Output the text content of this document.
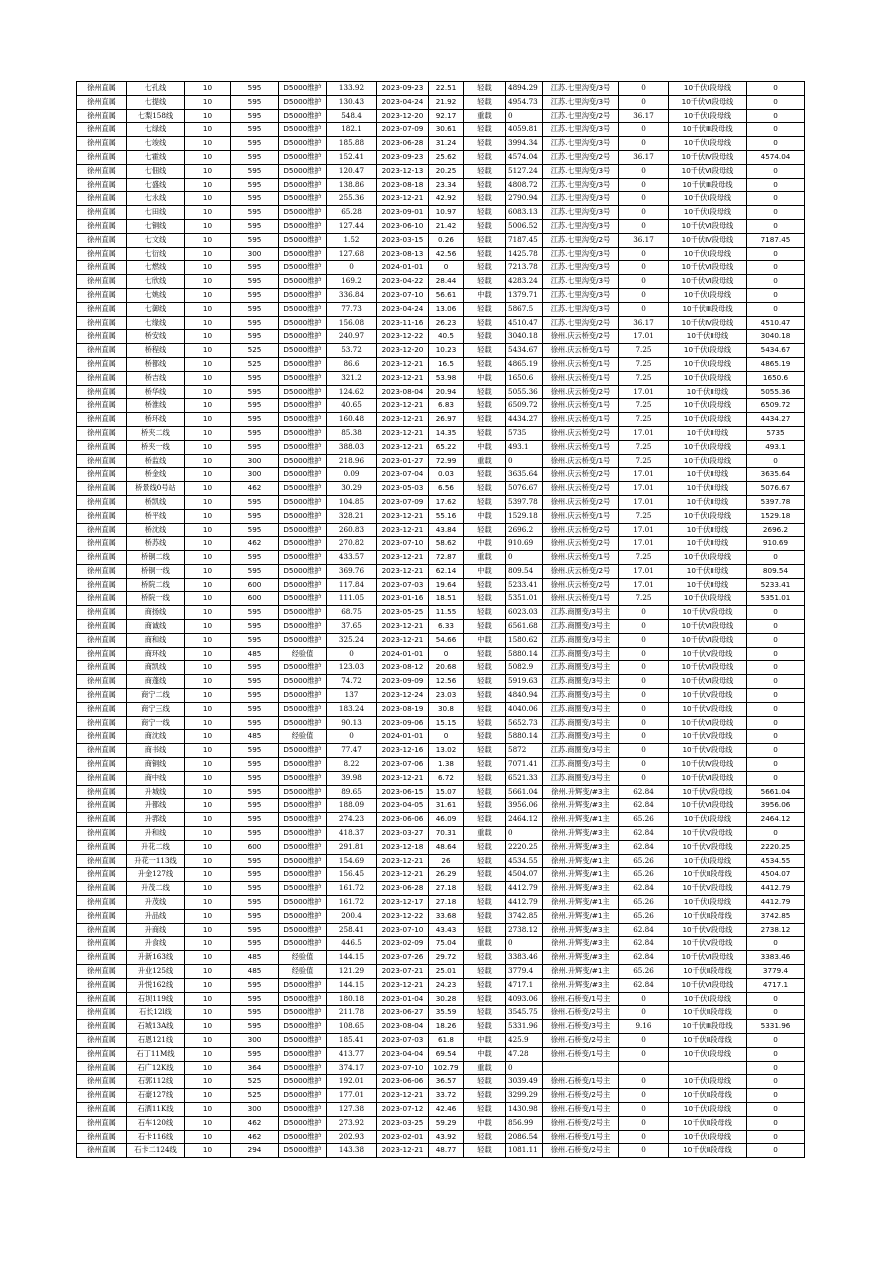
徐州直属	七孔线	10	595	D5000维护	133.92	2023-09-23	22.51	轻载	4894.29	江苏.七里沟变/3号	0	10千伏Ⅰ段母线	0
徐州直属	七提线	10	595	D5000维护	130.43	2023-04-24	21.92	轻载	4954.73	江苏.七里沟变/3号	0	10千伏Ⅵ段母线	0
徐州直属	七梨158线	10	595	D5000维护	548.4	2023-12-20	92.17	重载	0	江苏.七里沟变/2号	36.17	10千伏Ⅰ段母线	0
徐州直属	七绿线	10	595	D5000维护	182.1	2023-07-09	30.61	轻载	4059.81	江苏.七里沟变/3号	0	10千伏Ⅲ段母线	0
徐州直属	七竣线	10	595	D5000维护	185.88	2023-06-28	31.24	轻载	3994.34	江苏.七里沟变/3号	0	10千伏Ⅰ段母线	0
徐州直属	七霍线	10	595	D5000维护	152.41	2023-09-23	25.62	轻载	4574.04	江苏.七里沟变/2号	36.17	10千伏Ⅳ段母线	4574.04
徐州直属	七佃线	10	595	D5000维护	120.47	2023-12-13	20.25	轻载	5127.24	江苏.七里沟变/3号	0	10千伏Ⅵ段母线	0
徐州直属	七盛线	10	595	D5000维护	138.86	2023-08-18	23.34	轻载	4808.72	江苏.七里沟变/3号	0	10千伏Ⅲ段母线	0
徐州直属	七永线	10	595	D5000维护	255.36	2023-12-21	42.92	轻载	2790.94	江苏.七里沟变/3号	0	10千伏Ⅰ段母线	0
徐州直属	七田线	10	595	D5000维护	65.28	2023-09-01	10.97	轻载	6083.13	江苏.七里沟变/3号	0	10千伏Ⅰ段母线	0
徐州直属	七铜线	10	595	D5000维护	127.44	2023-06-10	21.42	轻载	5006.52	江苏.七里沟变/3号	0	10千伏Ⅵ段母线	0
徐州直属	七文线	10	595	D5000维护	1.52	2023-03-15	0.26	轻载	7187.45	江苏.七里沟变/2号	36.17	10千伏Ⅳ段母线	7187.45
徐州直属	七衍线	10	300	D5000维护	127.68	2023-08-13	42.56	轻载	1425.78	江苏.七里沟变/3号	0	10千伏Ⅰ段母线	0
徐州直属	七燃线	10	595	D5000维护	0	2024-01-01	0	轻载	7213.78	江苏.七里沟变/3号	0	10千伏Ⅵ段母线	0
徐州直属	七欣线	10	595	D5000维护	169.2	2023-04-22	28.44	轻载	4283.24	江苏.七里沟变/3号	0	10千伏Ⅵ段母线	0
徐州直属	七姚线	10	595	D5000维护	336.84	2023-07-10	56.61	中载	1379.71	江苏.七里沟变/3号	0	10千伏Ⅰ段母线	0
徐州直属	七御线	10	595	D5000维护	77.73	2023-04-24	13.06	轻载	5867.5	江苏.七里沟变/3号	0	10千伏Ⅲ段母线	0
徐州直属	七缘线	10	595	D5000维护	156.08	2023-11-16	26.23	轻载	4510.47	江苏.七里沟变/2号	36.17	10千伏Ⅳ段母线	4510.47
徐州直属	桥安线	10	595	D5000维护	240.97	2023-12-22	40.5	轻载	3040.18	徐州.庆云桥变/2号	17.01	10千伏Ⅱ母线	3040.18
徐州直属	桥程线	10	525	D5000维护	53.72	2023-12-20	10.23	轻载	5434.67	徐州.庆云桥变/1号	7.25	10千伏Ⅰ段母线	5434.67
徐州直属	桥都线	10	525	D5000维护	86.6	2023-12-21	16.5	轻载	4865.19	徐州.庆云桥变/1号	7.25	10千伏Ⅰ段母线	4865.19
徐州直属	桥吉线	10	595	D5000维护	321.2	2023-12-21	53.98	中载	1650.6	徐州.庆云桥变/1号	7.25	10千伏Ⅰ段母线	1650.6
徐州直属	桥华线	10	595	D5000维护	124.62	2023-08-04	20.94	轻载	5055.36	徐州.庆云桥变/2号	17.01	10千伏Ⅱ母线	5055.36
徐州直属	桥淮线	10	595	D5000维护	40.65	2023-12-21	6.83	轻载	6509.72	徐州.庆云桥变/1号	7.25	10千伏Ⅰ段母线	6509.72
徐州直属	桥环线	10	595	D5000维护	160.48	2023-12-21	26.97	轻载	4434.27	徐州.庆云桥变/1号	7.25	10千伏Ⅰ段母线	4434.27
徐州直属	桥夹二线	10	595	D5000维护	85.38	2023-12-21	14.35	轻载	5735	徐州.庆云桥变/2号	17.01	10千伏Ⅱ母线	5735
徐州直属	桥夹一线	10	595	D5000维护	388.03	2023-12-21	65.22	中载	493.1	徐州.庆云桥变/1号	7.25	10千伏Ⅰ段母线	493.1
徐州直属	桥监线	10	300	D5000维护	218.96	2023-01-27	72.99	重载	0	徐州.庆云桥变/1号	7.25	10千伏Ⅰ段母线	0
徐州直属	桥金线	10	300	D5000维护	0.09	2023-07-04	0.03	轻载	3635.64	徐州.庆云桥变/2号	17.01	10千伏Ⅱ母线	3635.64
徐州直属	桥景线0号站	10	462	D5000维护	30.29	2023-05-03	6.56	轻载	5076.67	徐州.庆云桥变/2号	17.01	10千伏Ⅱ母线	5076.67
徐州直属	桥凯线	10	595	D5000维护	104.85	2023-07-09	17.62	轻载	5397.78	徐州.庆云桥变/2号	17.01	10千伏Ⅱ母线	5397.78
徐州直属	桥平线	10	595	D5000维护	328.21	2023-12-21	55.16	中载	1529.18	徐州.庆云桥变/1号	7.25	10千伏Ⅰ段母线	1529.18
徐州直属	桥沈线	10	595	D5000维护	260.83	2023-12-21	43.84	轻载	2696.2	徐州.庆云桥变/2号	17.01	10千伏Ⅱ母线	2696.2
徐州直属	桥苏线	10	462	D5000维护	270.82	2023-07-10	58.62	中载	910.69	徐州.庆云桥变/2号	17.01	10千伏Ⅱ母线	910.69
徐州直属	桥铜二线	10	595	D5000维护	433.57	2023-12-21	72.87	重载	0	徐州.庆云桥变/1号	7.25	10千伏Ⅰ段母线	0
徐州直属	桥铜一线	10	595	D5000维护	369.76	2023-12-21	62.14	中载	809.54	徐州.庆云桥变/2号	17.01	10千伏Ⅱ母线	809.54
徐州直属	桥院二线	10	600	D5000维护	117.84	2023-07-03	19.64	轻载	5233.41	徐州.庆云桥变/2号	17.01	10千伏Ⅱ母线	5233.41
徐州直属	桥院一线	10	600	D5000维护	111.05	2023-01-16	18.51	轻载	5351.01	徐州.庆云桥变/1号	7.25	10千伏Ⅰ段母线	5351.01
徐州直属	商扬线	10	595	D5000维护	68.75	2023-05-25	11.55	轻载	6023.03	江苏.商圈变/3号主	0	10千伏Ⅴ段母线	0
徐州直属	商诚线	10	595	D5000维护	37.65	2023-12-21	6.33	轻载	6561.68	江苏.商圈变/3号主	0	10千伏Ⅵ段母线	0
徐州直属	商和线	10	595	D5000维护	325.24	2023-12-21	54.66	中载	1580.62	江苏.商圈变/3号主	0	10千伏Ⅵ段母线	0
徐州直属	商环线	10	485	经验值	0	2024-01-01	0	轻载	5880.14	江苏.商圈变/3号主	0	10千伏Ⅴ段母线	0
徐州直属	商凯线	10	595	D5000维护	123.03	2023-08-12	20.68	轻载	5082.9	江苏.商圈变/3号主	0	10千伏Ⅵ段母线	0
徐州直属	商蓬线	10	595	D5000维护	74.72	2023-09-09	12.56	轻载	5919.63	江苏.商圈变/3号主	0	10千伏Ⅵ段母线	0
徐州直属	商宁二线	10	595	D5000维护	137	2023-12-24	23.03	轻载	4840.94	江苏.商圈变/3号主	0	10千伏Ⅴ段母线	0
徐州直属	商宁三线	10	595	D5000维护	183.24	2023-08-19	30.8	轻载	4040.06	江苏.商圈变/3号主	0	10千伏Ⅴ段母线	0
徐州直属	商宁一线	10	595	D5000维护	90.13	2023-09-06	15.15	轻载	5652.73	江苏.商圈变/3号主	0	10千伏Ⅵ段母线	0
徐州直属	商沈线	10	485	经验值	0	2024-01-01	0	轻载	5880.14	江苏.商圈变/3号主	0	10千伏Ⅴ段母线	0
徐州直属	商书线	10	595	D5000维护	77.47	2023-12-16	13.02	轻载	5872	江苏.商圈变/3号主	0	10千伏Ⅴ段母线	0
徐州直属	商铜线	10	595	D5000维护	8.22	2023-07-06	1.38	轻载	7071.41	江苏.商圈变/3号主	0	10千伏Ⅳ段母线	0
徐州直属	商中线	10	595	D5000维护	39.98	2023-12-21	6.72	轻载	6521.33	江苏.商圈变/3号主	0	10千伏Ⅵ段母线	0
徐州直属	升城线	10	595	D5000维护	89.65	2023-06-15	15.07	轻载	5661.04	徐州.升辉变/#3主	62.84	10千伏Ⅴ段母线	5661.04
徐州直属	升都线	10	595	D5000维护	188.09	2023-04-05	31.61	轻载	3956.06	徐州.升辉变/#3主	62.84	10千伏Ⅵ段母线	3956.06
徐州直属	升郛线	10	595	D5000维护	274.23	2023-06-06	46.09	轻载	2464.12	徐州.升辉变/#1主	65.26	10千伏Ⅰ段母线	2464.12
徐州直属	升和线	10	595	D5000维护	418.37	2023-03-27	70.31	重载	0	徐州.升辉变/#3主	62.84	10千伏Ⅴ段母线	0
徐州直属	升花二线	10	600	D5000维护	291.81	2023-12-18	48.64	轻载	2220.25	徐州.升辉变/#3主	62.84	10千伏Ⅴ段母线	2220.25
徐州直属	升花一113线	10	595	D5000维护	154.69	2023-12-21	26	轻载	4534.55	徐州.升辉变/#1主	65.26	10千伏Ⅰ段母线	4534.55
徐州直属	升金127线	10	595	D5000维护	156.45	2023-12-21	26.29	轻载	4504.07	徐州.升辉变/#1主	65.26	10千伏Ⅱ段母线	4504.07
徐州直属	升茂二线	10	595	D5000维护	161.72	2023-06-28	27.18	轻载	4412.79	徐州.升辉变/#3主	62.84	10千伏Ⅴ段母线	4412.79
徐州直属	升茂线	10	595	D5000维护	161.72	2023-12-17	27.18	轻载	4412.79	徐州.升辉变/#1主	65.26	10千伏Ⅰ段母线	4412.79
徐州直属	升品线	10	595	D5000维护	200.4	2023-12-22	33.68	轻载	3742.85	徐州.升辉变/#1主	65.26	10千伏Ⅱ段母线	3742.85
徐州直属	升商线	10	595	D5000维护	258.41	2023-07-10	43.43	轻载	2738.12	徐州.升辉变/#3主	62.84	10千伏Ⅴ段母线	2738.12
徐州直属	升食线	10	595	D5000维护	446.5	2023-02-09	75.04	重载	0	徐州.升辉变/#3主	62.84	10千伏Ⅴ段母线	0
徐州直属	升新163线	10	485	经验值	144.15	2023-07-26	29.72	轻载	3383.46	徐州.升辉变/#3主	62.84	10千伏Ⅵ段母线	3383.46
徐州直属	升业125线	10	485	经验值	121.29	2023-07-21	25.01	轻载	3779.4	徐州.升辉变/#1主	65.26	10千伏Ⅱ段母线	3779.4
徐州直属	升悦162线	10	595	D5000维护	144.15	2023-12-21	24.23	轻载	4717.1	徐州.升辉变/#3主	62.84	10千伏Ⅵ段母线	4717.1
徐州直属	石坝119线	10	595	D5000维护	180.18	2023-01-04	30.28	轻载	4093.06	徐州.石桥变/1号主	0	10千伏Ⅰ段母线	0
徐州直属	石长12l线	10	595	D5000维护	211.78	2023-06-27	35.59	轻载	3545.75	徐州.石桥变/2号主	0	10千伏Ⅱ段母线	0
徐州直属	石城13A线	10	595	D5000维护	108.65	2023-08-04	18.26	轻载	5331.96	徐州.石桥变/3号主	9.16	10千伏Ⅲ段母线	5331.96
徐州直属	石恩121线	10	300	D5000维护	185.41	2023-07-03	61.8	中载	425.9	徐州.石桥变/2号主	0	10千伏Ⅱ段母线	0
徐州直属	石丁11M线	10	595	D5000维护	413.77	2023-04-04	69.54	中载	47.28	徐州.石桥变/1号主	0	10千伏Ⅰ段母线	0
徐州直属	石广12K线	10	364	D5000维护	374.17	2023-07-10	102.79	重载	0				0
徐州直属	石郭112线	10	525	D5000维护	192.01	2023-06-06	36.57	轻载	3039.49	徐州.石桥变/1号主	0	10千伏Ⅰ段母线	0
徐州直属	石豪127线	10	525	D5000维护	177.01	2023-12-21	33.72	轻载	3299.29	徐州.石桥变/2号主	0	10千伏Ⅱ段母线	0
徐州直属	石洒11K线	10	300	D5000维护	127.38	2023-07-12	42.46	轻载	1430.98	徐州.石桥变/1号主	0	10千伏Ⅰ段母线	0
徐州直属	石车120线	10	462	D5000维护	273.92	2023-03-25	59.29	中载	856.99	徐州.石桥变/2号主	0	10千伏Ⅱ段母线	0
徐州直属	石卡116线	10	462	D5000维护	202.93	2023-02-01	43.92	轻载	2086.54	徐州.石桥变/1号主	0	10千伏Ⅰ段母线	0
徐州直属	石卡二124线	10	294	D5000维护	143.38	2023-12-21	48.77	轻载	1081.11	徐州.石桥变/2号主	0	10千伏Ⅱ段母线	0
